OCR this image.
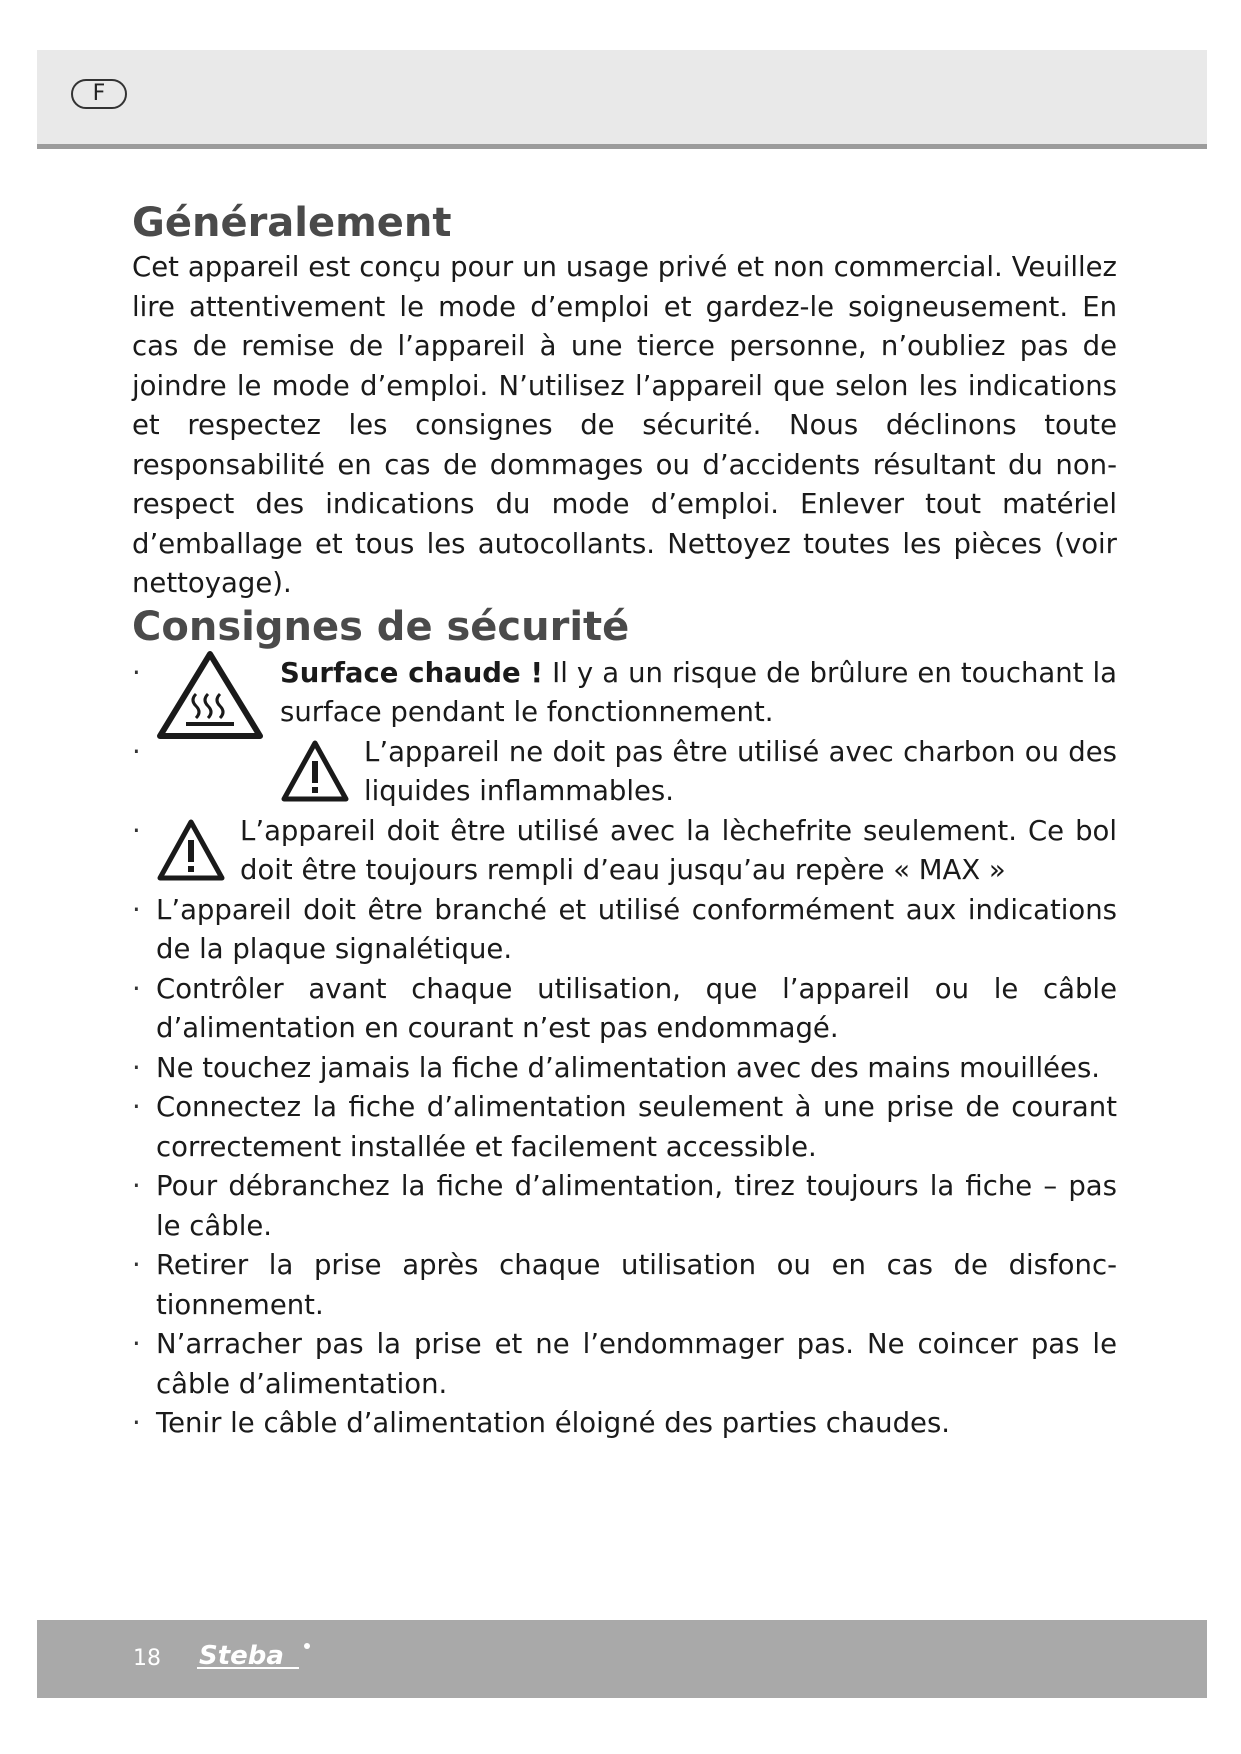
F
Généralement

Cet appareil est conçu pour un usage privé et non commercial. Veuillez lire attentivement le mode d’emploi et gardez-le soigneusement. En cas de remise de l’appareil à une tierce personne, n’oubliez pas de joindre le mode d’emploi. N’utilisez l’appareil que selon les indications et respectez les consignes de sécurité. Nous déclinons toute responsabilité en cas de dommages ou d’accidents résultant du non-respect des indications du mode d’emploi. Enlever tout matériel d’emballage et tous les autocollants. Nettoyez toutes les pièces (voir nettoyage).

Consignes de sécurité
·	Surface chaude ! Il y a un risque de brûlure en touchant la surface pendant le fonctionnement.
·	L’appareil ne doit pas être utilisé avec charbon ou des liquides inflammables.
·	L’appareil doit être utilisé avec la lèchefrite seulement. Ce bol doit être toujours rempli d’eau jusqu’au repère « MAX »
· L’appareil doit être branché et utilisé conformément aux indications de la plaque signalétique.
· Contrôler avant chaque utilisation, que l’appareil ou le câble d’alimentation en courant n’est pas endommagé.
· Ne touchez jamais la fiche d’alimentation avec des mains mouillées.
· Connectez la fiche d’alimentation seulement à une prise de courant correctement installée et facilement accessible.
· Pour débranchez la fiche d’alimentation, tirez toujours la fiche – pas le câble.
· Retirer la prise après chaque utilisation ou en cas de disfonctionnement.
· N’arracher pas la prise et ne l’endommager pas. Ne coincer pas le câble d’alimentation.
· Tenir le câble d’alimentation éloigné des parties chaudes.
18 Steba
